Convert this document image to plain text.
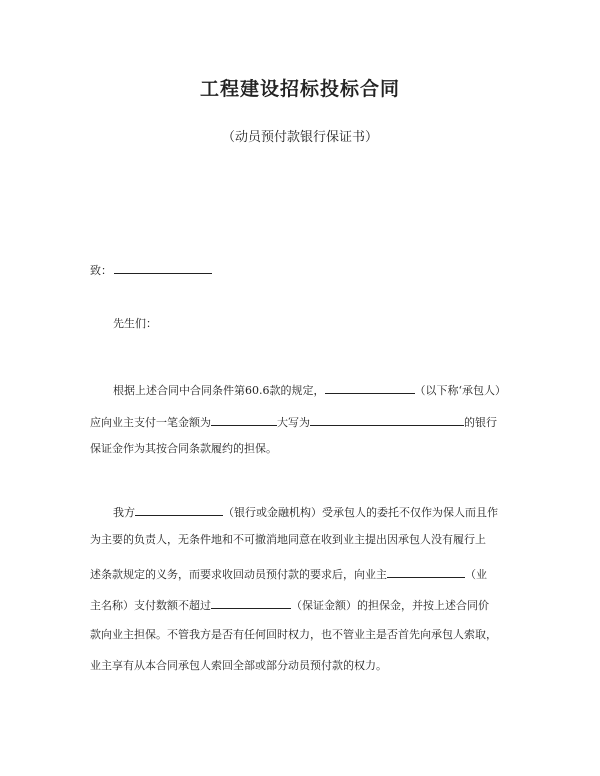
工程建设招标投标合同
（动员预付款银行保证书）
致：
先生们：
根据上述合同中合同条件第60.6款的规定，	（以下称‘承包人）
应向业主支付一笔金额为	大写为	的银行
保证金作为其按合同条款履约的担保。
我方	（银行或金融机构）受承包人的委托不仅作为保人而且作
为主要的负责人，无条件地和不可撤消地同意在收到业主提出因承包人没有履行上
述条款规定的义务，而要求收回动员预付款的要求后，向业主	（业
主名称）支付数额不超过	（保证金额）的担保金，并按上述合同价
款向业主担保。不管我方是否有任何回时权力，也不管业主是否首先向承包人索取，
业主享有从本合同承包人索回全部或部分动员预付款的权力。
